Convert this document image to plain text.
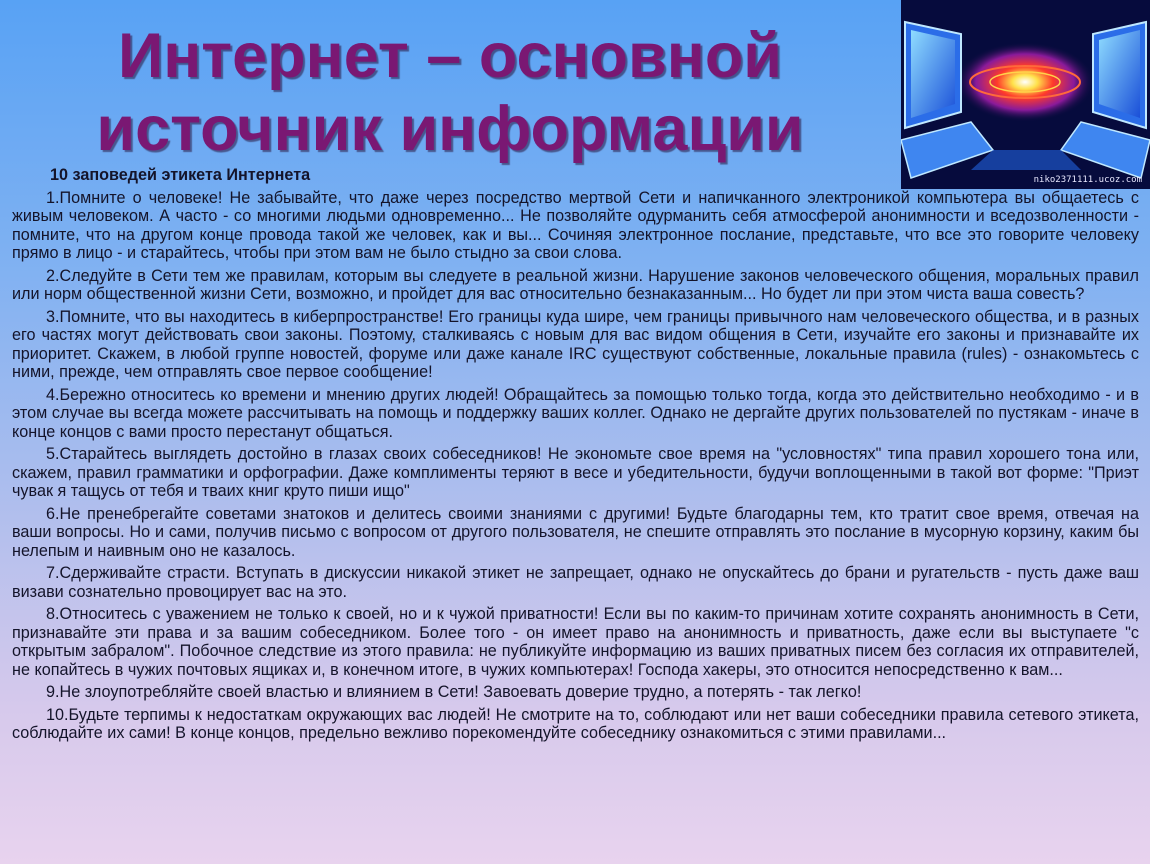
Интернет – основной
источник информации
niko2371111.ucoz.com
10 заповедей этикета Интернета
1.Помните о человеке! Не забывайте, что даже через посредство мертвой Сети и напичканного электроникой компьютера вы общаетесь с живым человеком. А часто - со многими людьми одновременно... Не позволяйте одурманить себя атмосферой анонимности и вседозволенности - помните, что на другом конце провода такой же человек, как и вы... Сочиняя электронное послание, представьте, что все это говорите человеку прямо в лицо - и старайтесь, чтобы при этом вам не было стыдно за свои слова.
2.Следуйте в Сети тем же правилам, которым вы следуете в реальной жизни. Нарушение законов человеческого общения, моральных правил или норм общественной жизни Сети, возможно, и пройдет для вас относительно безнаказанным... Но будет ли при этом чиста ваша совесть?
3.Помните, что вы находитесь в киберпространстве! Его границы куда шире, чем границы привычного нам человеческого общества, и в разных его частях могут действовать свои законы. Поэтому, сталкиваясь с новым для вас видом общения в Сети, изучайте его законы и признавайте их приоритет. Скажем, в любой группе новостей, форуме или даже канале IRC существуют собственные, локальные правила (rules) - ознакомьтесь с ними, прежде, чем отправлять свое первое сообщение!
4.Бережно относитесь ко времени и мнению других людей! Обращайтесь за помощью только тогда, когда это действительно необходимо - и в этом случае вы всегда можете рассчитывать на помощь и поддержку ваших коллег. Однако не дергайте других пользователей по пустякам - иначе в конце концов с вами просто перестанут общаться.
5.Старайтесь выглядеть достойно в глазах своих собеседников! Не экономьте свое время на "условностях" типа правил хорошего тона или, скажем, правил грамматики и орфографии. Даже комплименты теряют в весе и убедительности, будучи воплощенными в такой вот форме: "Приэт чувак я тащусь от тебя и тваих книг круто пиши ищо"
6.Не пренебрегайте советами знатоков и делитесь своими знаниями с другими! Будьте благодарны тем, кто тратит свое время, отвечая на ваши вопросы. Но и сами, получив письмо с вопросом от другого пользователя, не спешите отправлять это послание в мусорную корзину, каким бы нелепым и наивным оно не казалось.
7.Сдерживайте страсти. Вступать в дискуссии никакой этикет не запрещает, однако не опускайтесь до брани и ругательств - пусть даже ваш визави сознательно провоцирует вас на это.
8.Относитесь с уважением не только к своей, но и к чужой приватности! Если вы по каким-то причинам хотите сохранять анонимность в Сети, признавайте эти права и за вашим собеседником. Более того - он имеет право на анонимность и приватность, даже если вы выступаете "с открытым забралом". Побочное следствие из этого правила: не публикуйте информацию из ваших приватных писем без согласия их отправителей, не копайтесь в чужих почтовых ящиках и, в конечном итоге, в чужих компьютерах! Господа хакеры, это относится непосредственно к вам...
9.Не злоупотребляйте своей властью и влиянием в Сети! Завоевать доверие трудно, а потерять - так легко!
10.Будьте терпимы к недостаткам окружающих вас людей! Не смотрите на то, соблюдают или нет ваши собеседники правила сетевого этикета, соблюдайте их сами! В конце концов, предельно вежливо порекомендуйте собеседнику ознакомиться с этими правилами...
